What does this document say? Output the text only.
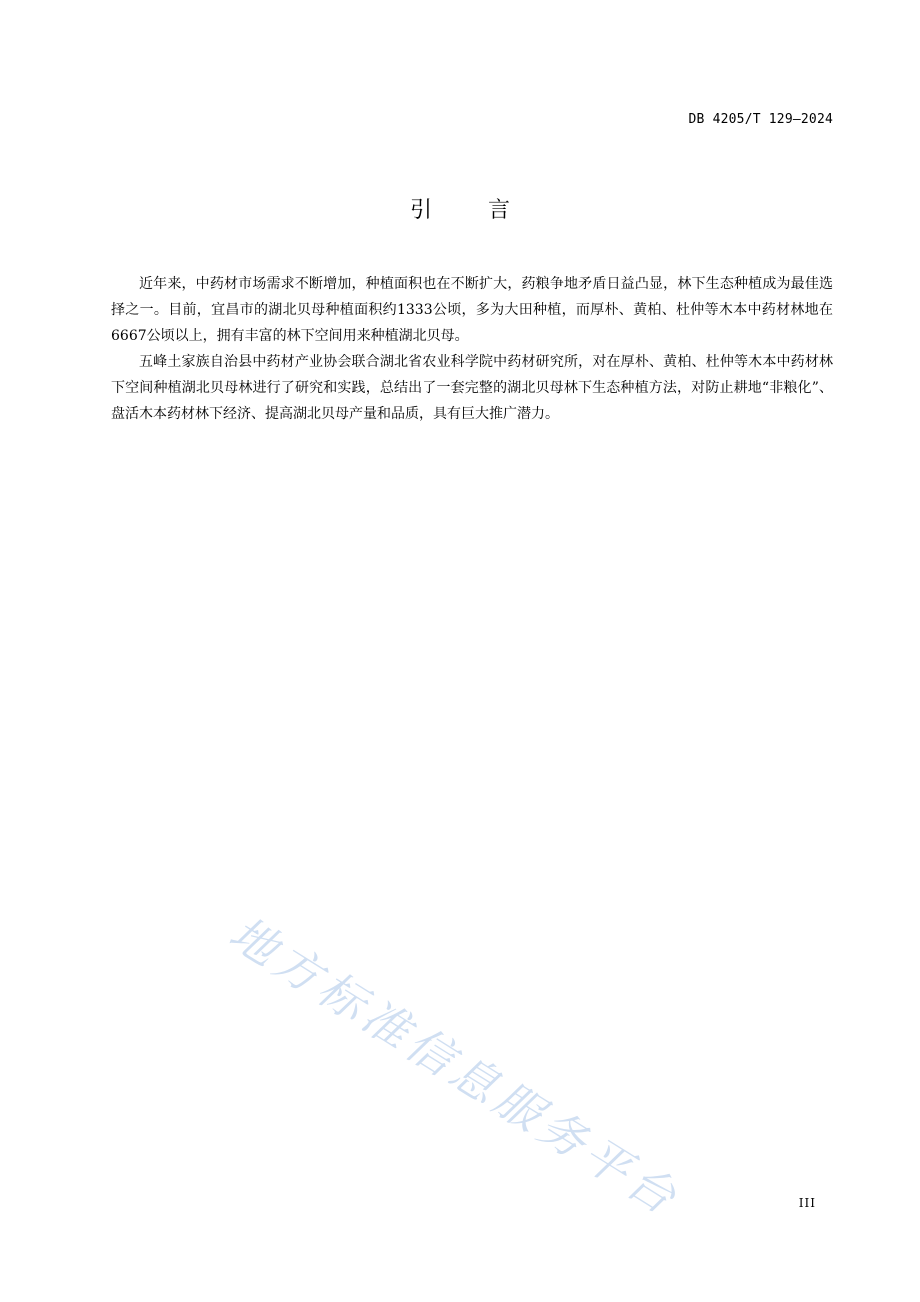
DB 4205/T 129—2024
引言

近年来，中药材市场需求不断增加，种植面积也在不断扩大，药粮争地矛盾日益凸显，林下生态种植成为最佳选择之一。目前，宜昌市的湖北贝母种植面积约1333公顷，多为大田种植，而厚朴、黄柏、杜仲等木本中药材林地在6667公顷以上，拥有丰富的林下空间用来种植湖北贝母。

五峰土家族自治县中药材产业协会联合湖北省农业科学院中药材研究所，对在厚朴、黄柏、杜仲等木本中药材林下空间种植湖北贝母林进行了研究和实践，总结出了一套完整的湖北贝母林下生态种植方法，对防止耕地“非粮化”、盘活木本药材林下经济、提高湖北贝母产量和品质，具有巨大推广潜力。

地方标准信息服务平台	III
